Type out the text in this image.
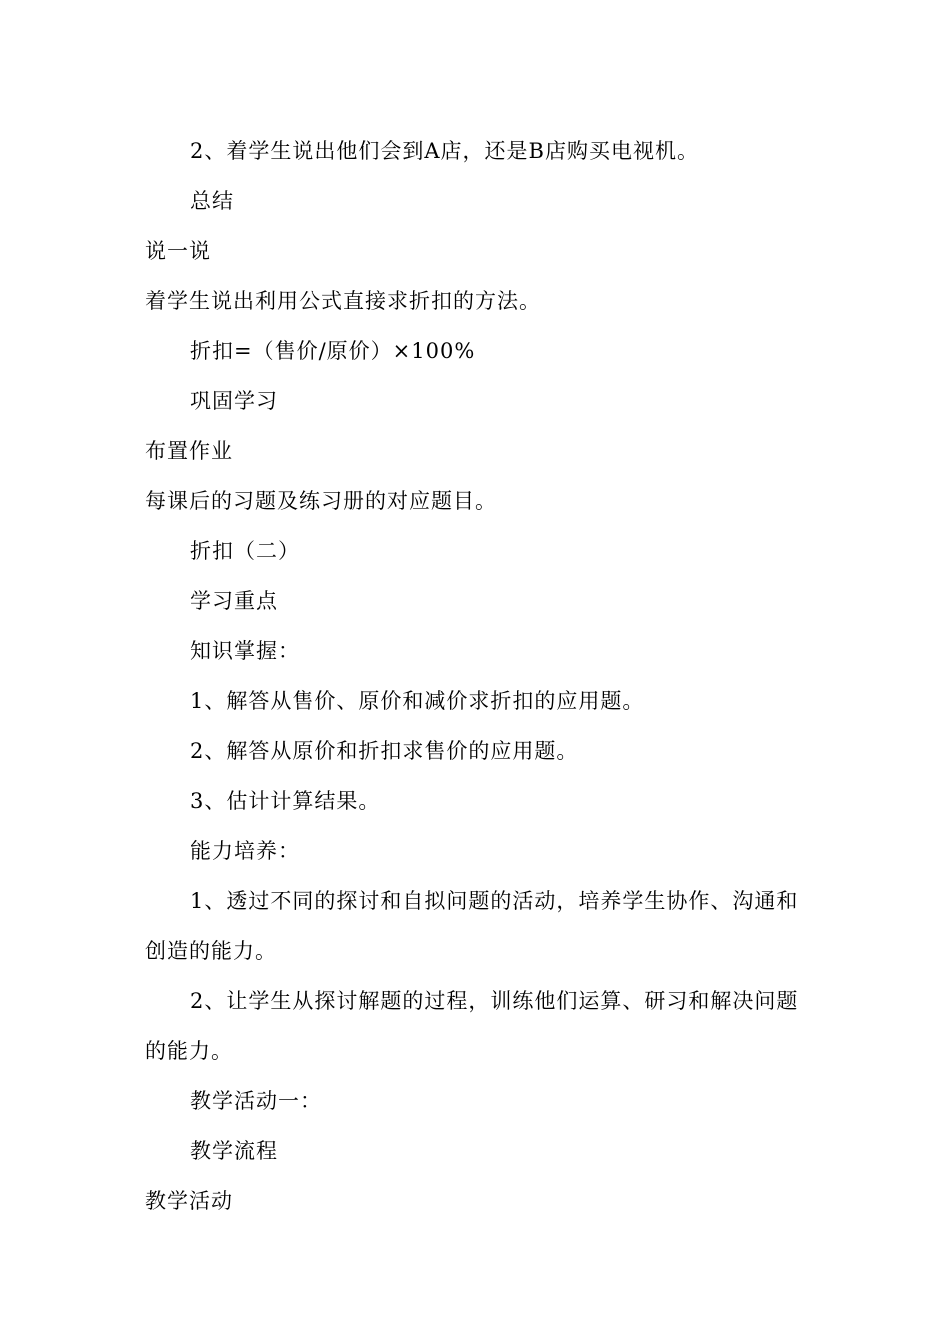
2、着学生说出他们会到A店，还是B店购买电视机。

总结

说一说

着学生说出利用公式直接求折扣的方法。

折扣=（售价/原价）×100%

巩固学习

布置作业

每课后的习题及练习册的对应题目。

折扣（二）

学习重点

知识掌握：

1、解答从售价、原价和减价求折扣的应用题。

2、解答从原价和折扣求售价的应用题。

3、估计计算结果。

能力培养：

1、透过不同的探讨和自拟问题的活动，培养学生协作、沟通和

创造的能力。

2、让学生从探讨解题的过程，训练他们运算、研习和解决问题

的能力。

教学活动一：

教学流程

教学活动
